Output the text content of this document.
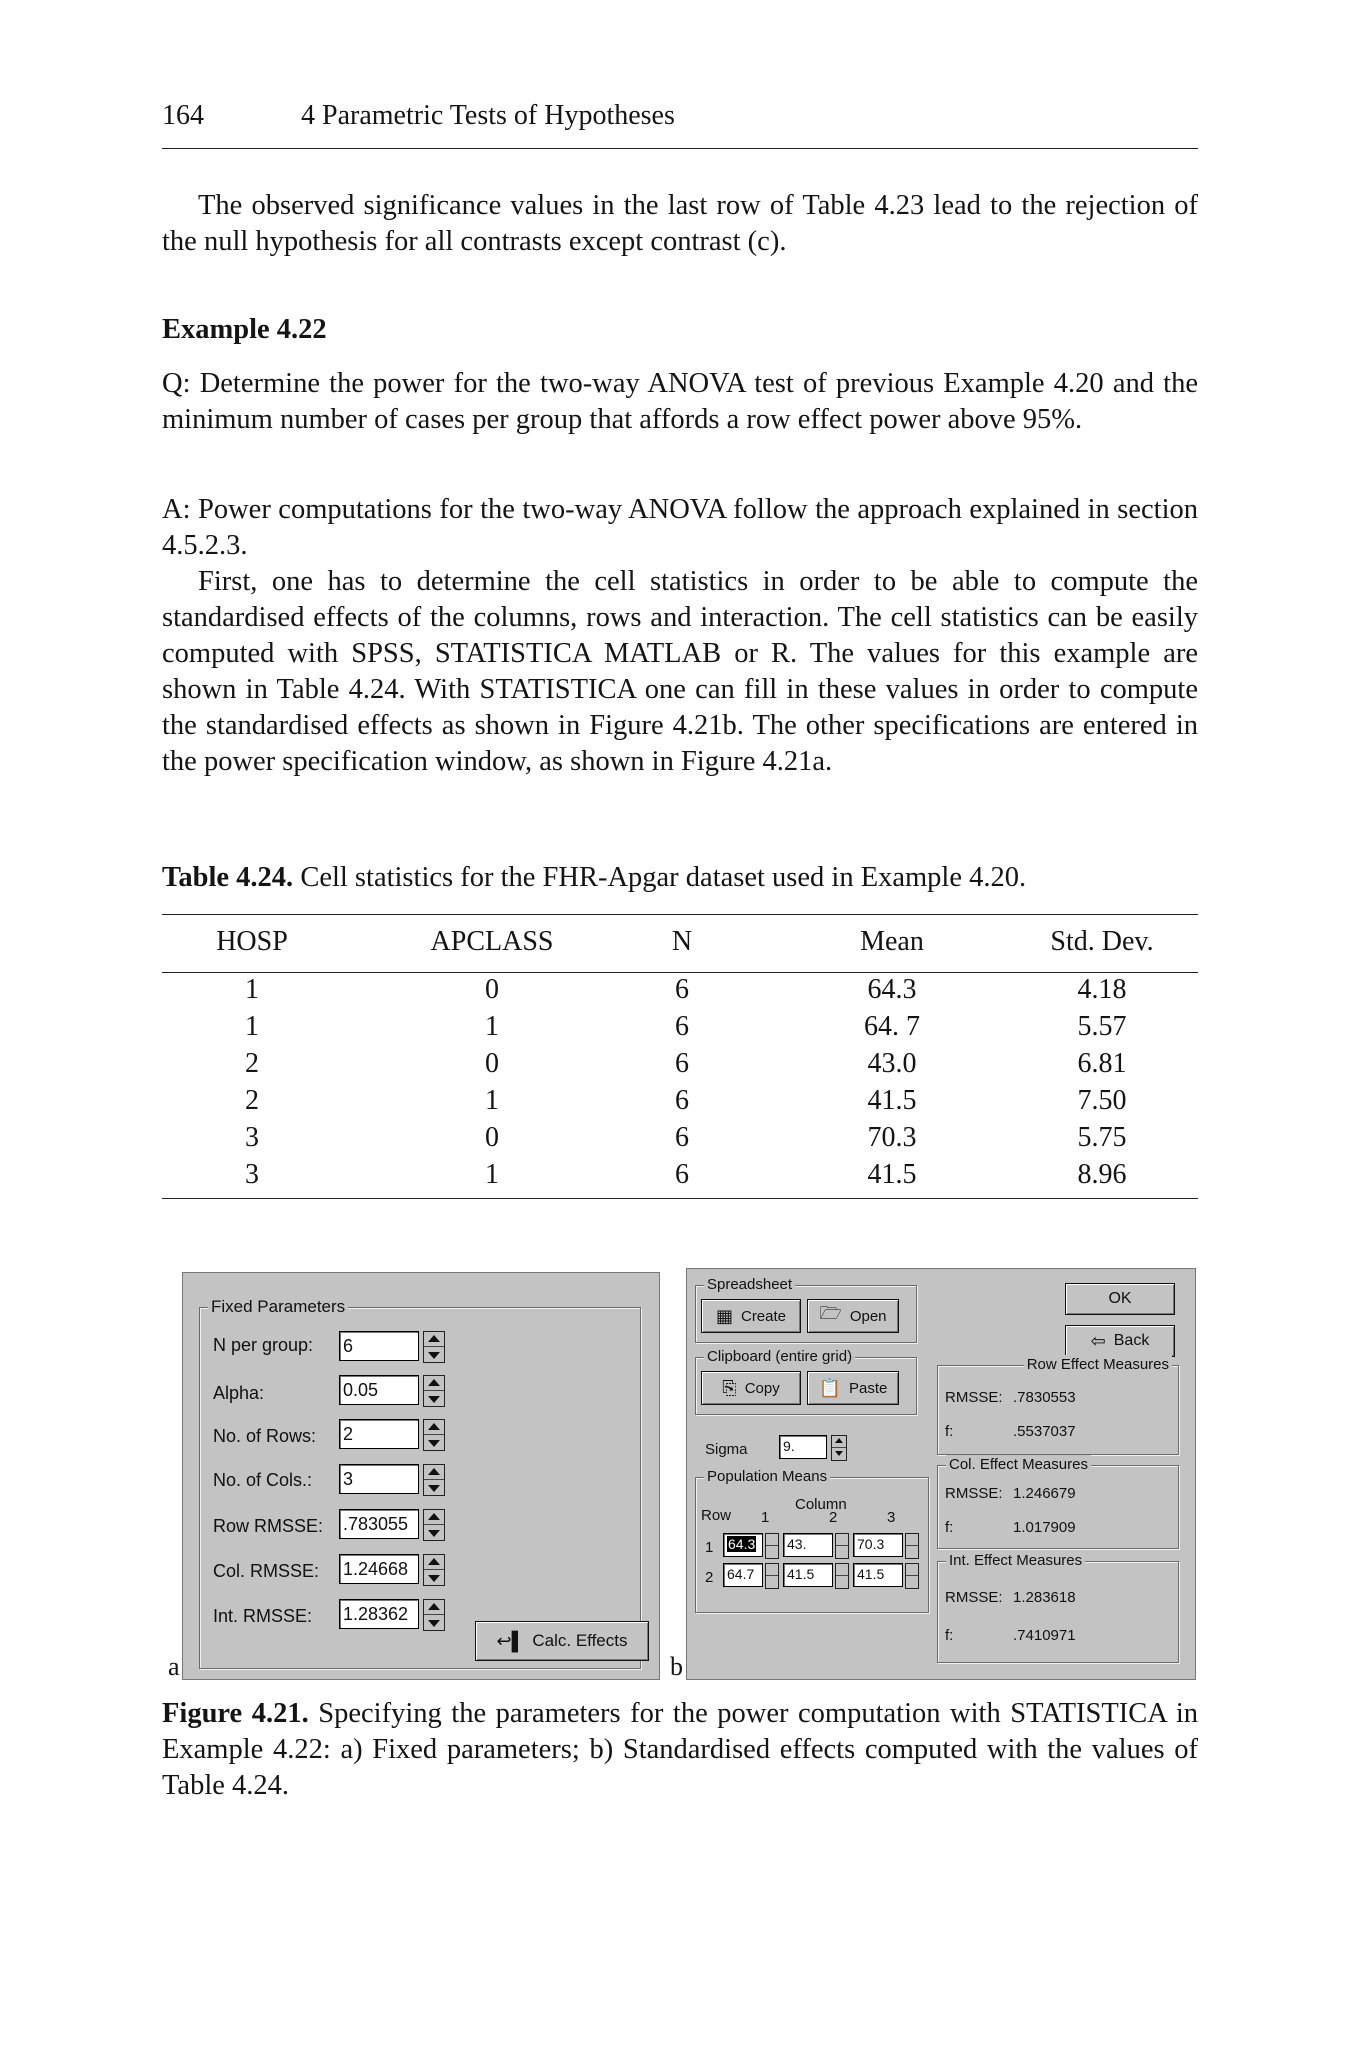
164	4 Parametric Tests of Hypotheses
The observed significance values in the last row of Table 4.23 lead to the rejection of the null hypothesis for all contrasts except contrast (c).
Example 4.22
Q: Determine the power for the two-way ANOVA test of previous Example 4.20 and the minimum number of cases per group that affords a row effect power above 95%.
A: Power computations for the two-way ANOVA follow the approach explained in section 4.5.2.3.
First, one has to determine the cell statistics in order to be able to compute the standardised effects of the columns, rows and interaction. The cell statistics can be easily computed with SPSS, STATISTICA MATLAB or R. The values for this example are shown in Table 4.24. With STATISTICA one can fill in these values in order to compute the standardised effects as shown in Figure 4.21b. The other specifications are entered in the power specification window, as shown in Figure 4.21a.
Table 4.24. Cell statistics for the FHR-Apgar dataset used in Example 4.20.
HOSP	APCLASS	N	Mean	Std. Dev.
1	0	6	64.3	4.18
1	1	6	64. 7	5.57
2	0	6	43.0	6.81
2	1	6	41.5	7.50
3	0	6	70.3	5.75
3	1	6	41.5	8.96
Fixed Parameters
N per group: 6
Alpha:	0.05
No. of Rows: 2
No. of Cols.: 3
Row RMSSE: .783055
Col. RMSSE: 1.24668
Int. RMSSE: 1.28362
↩▌ Calc. Effects
a
Spreadsheet
▦ Create 🗁 Open
Clipboard (entire grid)
⎘ Copy 📋 Paste
Sigma	9.
Population Means
Column
Row 1	2	3
1	64.3	43.	70.3
2 64.7	41.5	41.5
OK
⇦ Back
Row Effect Measures
RMSSE: .7830553
f:	.5537037
Col. Effect Measures
RMSSE: 1.246679
f:	1.017909
Int. Effect Measures
RMSSE: 1.283618
f:	.7410971
b
Figure 4.21. Specifying the parameters for the power computation with STATISTICA in Example 4.22: a) Fixed parameters; b) Standardised effects computed with the values of Table 4.24.
